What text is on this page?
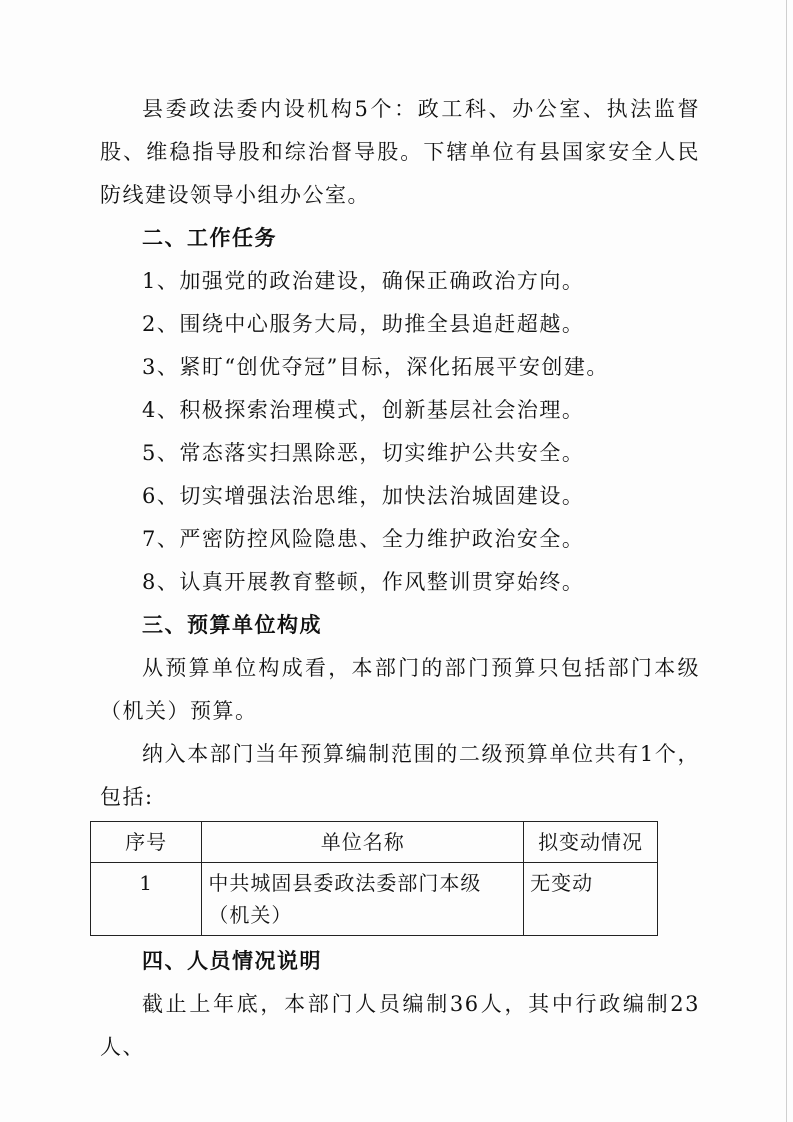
县委政法委内设机构5个：政工科、办公室、执法监督股、维稳指导股和综治督导股。下辖单位有县国家安全人民防线建设领导小组办公室。

二、工作任务
1、加强党的政治建设，确保正确政治方向。
2、围绕中心服务大局，助推全县追赶超越。
3、紧盯“创优夺冠”目标，深化拓展平安创建。
4、积极探索治理模式，创新基层社会治理。
5、常态落实扫黑除恶，切实维护公共安全。
6、切实增强法治思维，加快法治城固建设。
7、严密防控风险隐患、全力维护政治安全。
8、认真开展教育整顿，作风整训贯穿始终。
三、预算单位构成

从预算单位构成看，本部门的部门预算只包括部门本级（机关）预算。

纳入本部门当年预算编制范围的二级预算单位共有1个，包括:

序号	单位名称	拟变动情况
1	中共城固县委政法委部门本级（机关）	无变动
四、人员情况说明

截止上年底，本部门人员编制36人，其中行政编制23人、
